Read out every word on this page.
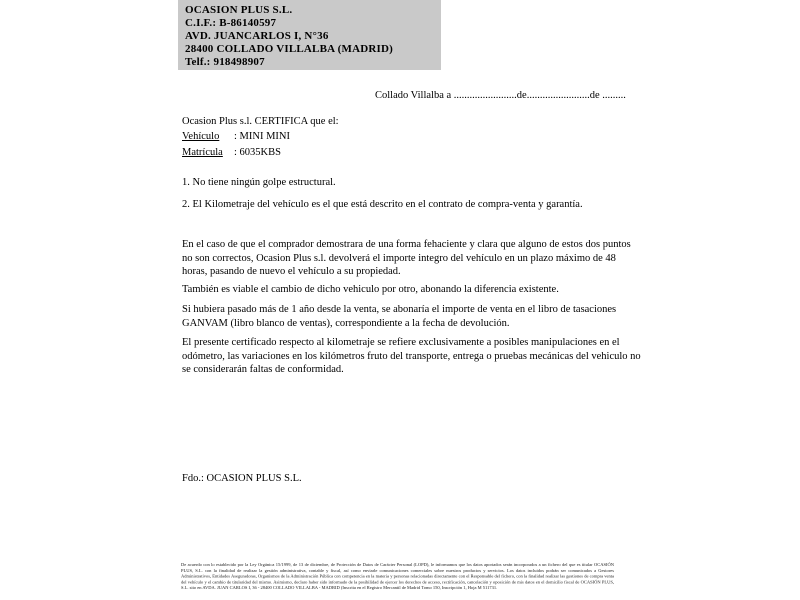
OCASION PLUS S.L.
C.I.F.: B-86140597
AVD. JUANCARLOS I, N°36
28400 COLLADO VILLALBA (MADRID)
Telf.: 918498907
Collado Villalba a ........................de........................de .........
Ocasion Plus s.l. CERTIFICA que el:
Vehículo : MINI MINI
Matrícula : 6035KBS
1. No tiene ningún golpe estructural.
2. El Kilometraje del vehículo es el que está descrito en el contrato de compra-venta y garantía.
En el caso de que el comprador demostrara de una forma fehaciente y clara que alguno de estos dos puntos no son correctos, Ocasion Plus s.l. devolverá el importe integro del vehículo en un plazo máximo de 48 horas, pasando de nuevo el vehículo a su propiedad.
También es viable el cambio de dicho vehiculo por otro, abonando la diferencia existente.
Si hubiera pasado más de 1 año desde la venta, se abonaría el importe de venta en el libro de tasaciones GANVAM (libro blanco de ventas), correspondiente a la fecha de devolución.
El presente certificado respecto al kilometraje se refiere exclusivamente a posibles manipulaciones en el odómetro, las variaciones en los kilómetros fruto del transporte, entrega o pruebas mecánicas del vehiculo no se considerarán faltas de conformidad.
Fdo.: OCASION PLUS S.L.
De acuerdo con lo establecido por la Ley Orgánica 15/1999, de 13 de diciembre, de Protección de Datos de Carácter Personal (LOPD), le informamos que los datos aportados serán incorporados a un fichero del que es titular OCASIÓN PLUS, S.L. con la finalidad de realizar la gestión administrativa, contable y fiscal, así como enviarle comunicaciones comerciales sobre nuestros productos y servicios. Los datos incluidos podrán ser comunicados a Gestores Administrativos, Entidades Aseguradoras, Organismos de la Administración Pública con competencia en la materia y personas relacionadas directamente con el Responsable del fichero, con la finalidad realizar las gestiones de compra venta del vehículo y el cambio de titularidad del mismo. Asimismo, declaro haber sido informado de la posibilidad de ejercer los derechos de acceso, rectificación, cancelación y oposición de mis datos en el domicilio fiscal de OCASIÓN PLUS, S.L. sito en AVDA. JUAN CARLOS I, 36 - 28400 COLLADO VILLALBA - MADRID (Inscrita en el Registro Mercantil de Madrid Tomo 150, Inscripción 1, Hoja M 511731.
